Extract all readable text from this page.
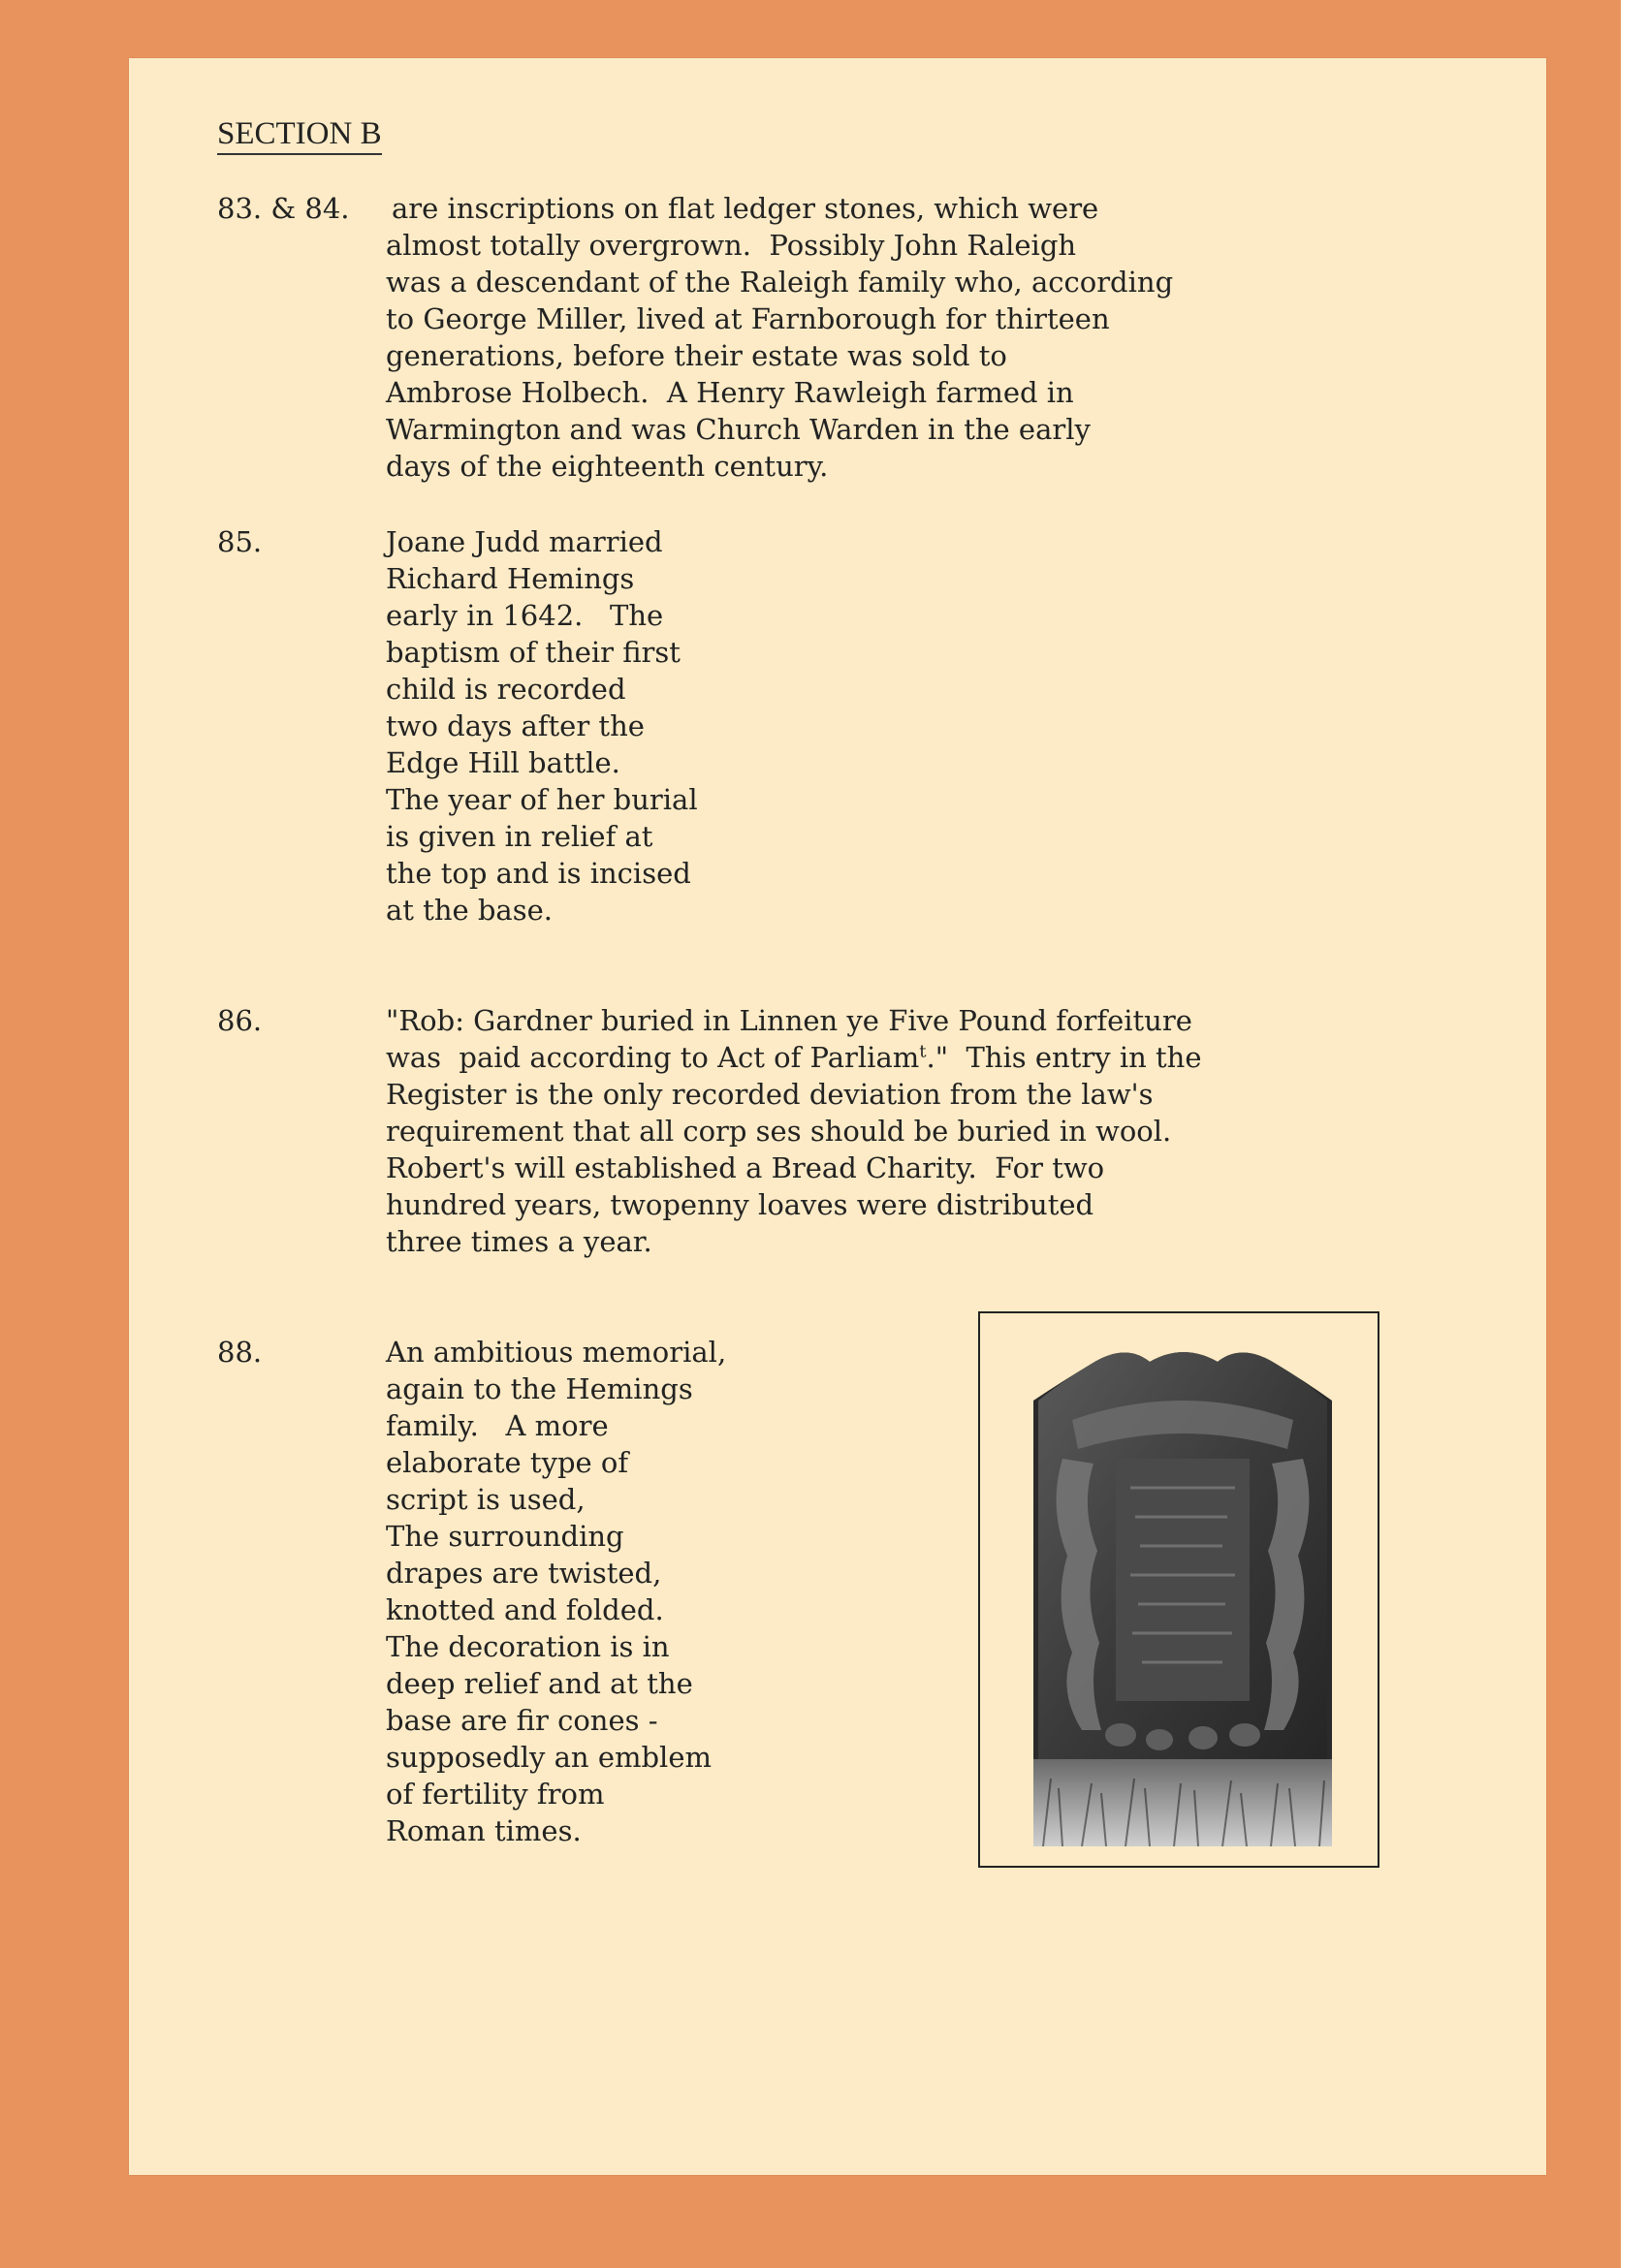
SECTION B
83. & 84. are inscriptions on flat ledger stones, which were
almost totally overgrown.  Possibly John Raleigh
was a descendant of the Raleigh family who, according
to George Miller, lived at Farnborough for thirteen
generations, before their estate was sold to
Ambrose Holbech.  A Henry Rawleigh farmed in
Warmington and was Church Warden in the early
days of the eighteenth century.
85.	Joane Judd married
Richard Hemings
early in 1642.   The
baptism of their first
child is recorded
two days after the
Edge Hill battle.
The year of her burial
is given in relief at
the top and is incised
at the base.
86.	"Rob: Gardner buried in Linnen ye Five Pound forfeiture
was  paid according to Act of Parliam$^t$."  This entry in the
Register is the only recorded deviation from the law's
requirement that all corp ses should be buried in wool.
Robert's will established a Bread Charity.  For two
hundred years, twopenny loaves were distributed
three times a year.
88.	An ambitious memorial,
again to the Hemings
family.   A more
elaborate type of
script is used,
The surrounding
drapes are twisted,
knotted and folded.
The decoration is in
deep relief and at the
base are fir cones -
supposedly an emblem
of fertility from
Roman times.
